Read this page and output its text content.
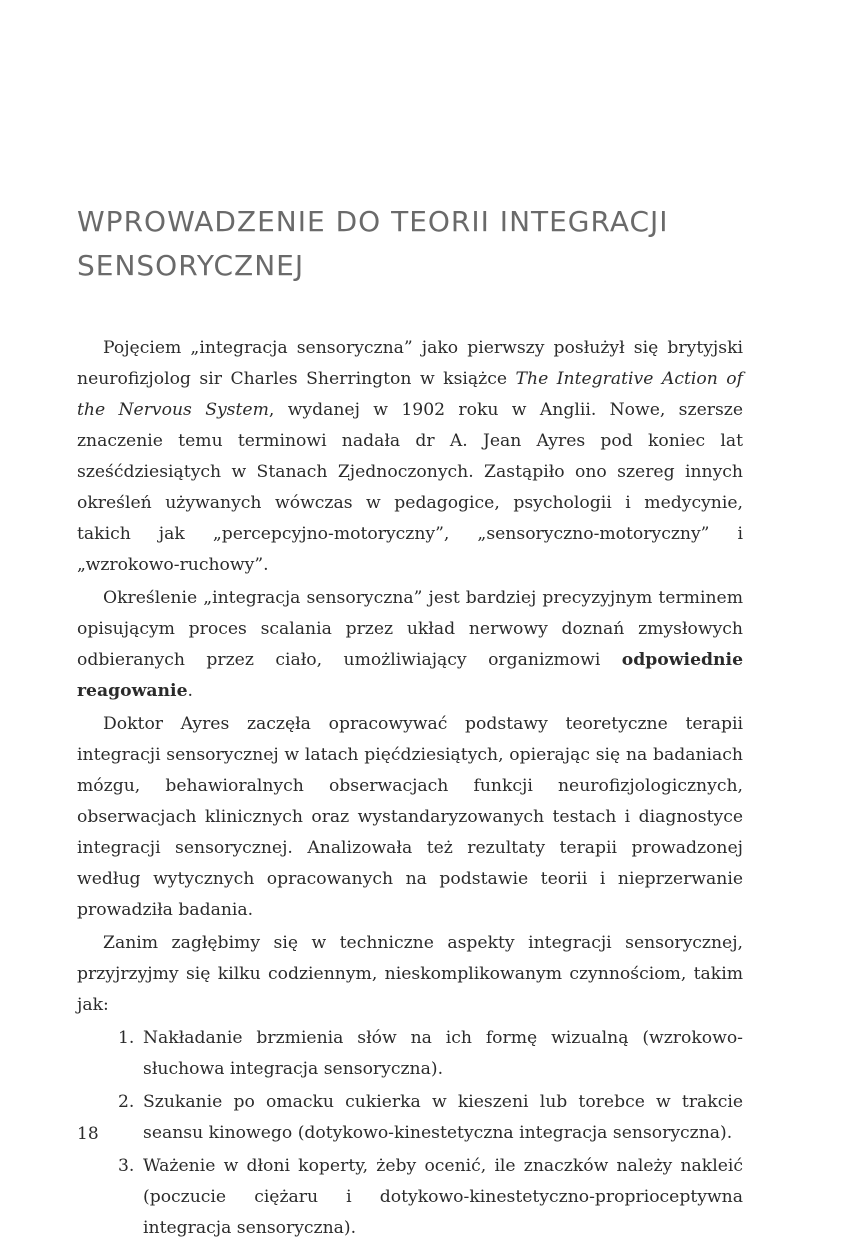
WPROWADZENIE DO TEORII INTEGRACJI SENSORYCZNEJ

Pojęciem „integracja sensoryczna” jako pierwszy posłużył się brytyjski neurofizjolog sir Charles Sherrington w książce The Integrative Action of the Nervous System, wydanej w 1902 roku w Anglii. Nowe, szersze znaczenie temu terminowi nadała dr A. Jean Ayres pod koniec lat sześćdziesiątych w Stanach Zjednoczonych. Zastąpiło ono szereg innych określeń używanych wówczas w pedagogice, psychologii i medycynie, takich jak „percepcyjno-motoryczny”, „sensoryczno-motoryczny” i „wzrokowo-ruchowy”.

Określenie „integracja sensoryczna” jest bardziej precyzyjnym terminem opisującym proces scalania przez układ nerwowy doznań zmysłowych odbieranych przez ciało, umożliwiający organizmowi odpowiednie reagowanie.

Doktor Ayres zaczęła opracowywać podstawy teoretyczne terapii integracji sensorycznej w latach pięćdziesiątych, opierając się na badaniach mózgu, behawioralnych obserwacjach funkcji neurofizjologicznych, obserwacjach klinicznych oraz wystandaryzowanych testach i diagnostyce integracji sensorycznej. Analizowała też rezultaty terapii prowadzonej według wytycznych opracowanych na podstawie teorii i nieprzerwanie prowadziła badania.

Zanim zagłębimy się w techniczne aspekty integracji sensorycznej, przyjrzyjmy się kilku codziennym, nieskomplikowanym czynnościom, takim jak:

1. Nakładanie brzmienia słów na ich formę wizualną (wzrokowo-słuchowa integracja sensoryczna).
2. Szukanie po omacku cukierka w kieszeni lub torebce w trakcie seansu kinowego (dotykowo-kinestetyczna integracja sensoryczna).
3. Ważenie w dłoni koperty, żeby ocenić, ile znaczków należy nakleić (poczucie ciężaru i dotykowo-kinestetyczno-proprioceptywna integracja sensoryczna).
18
